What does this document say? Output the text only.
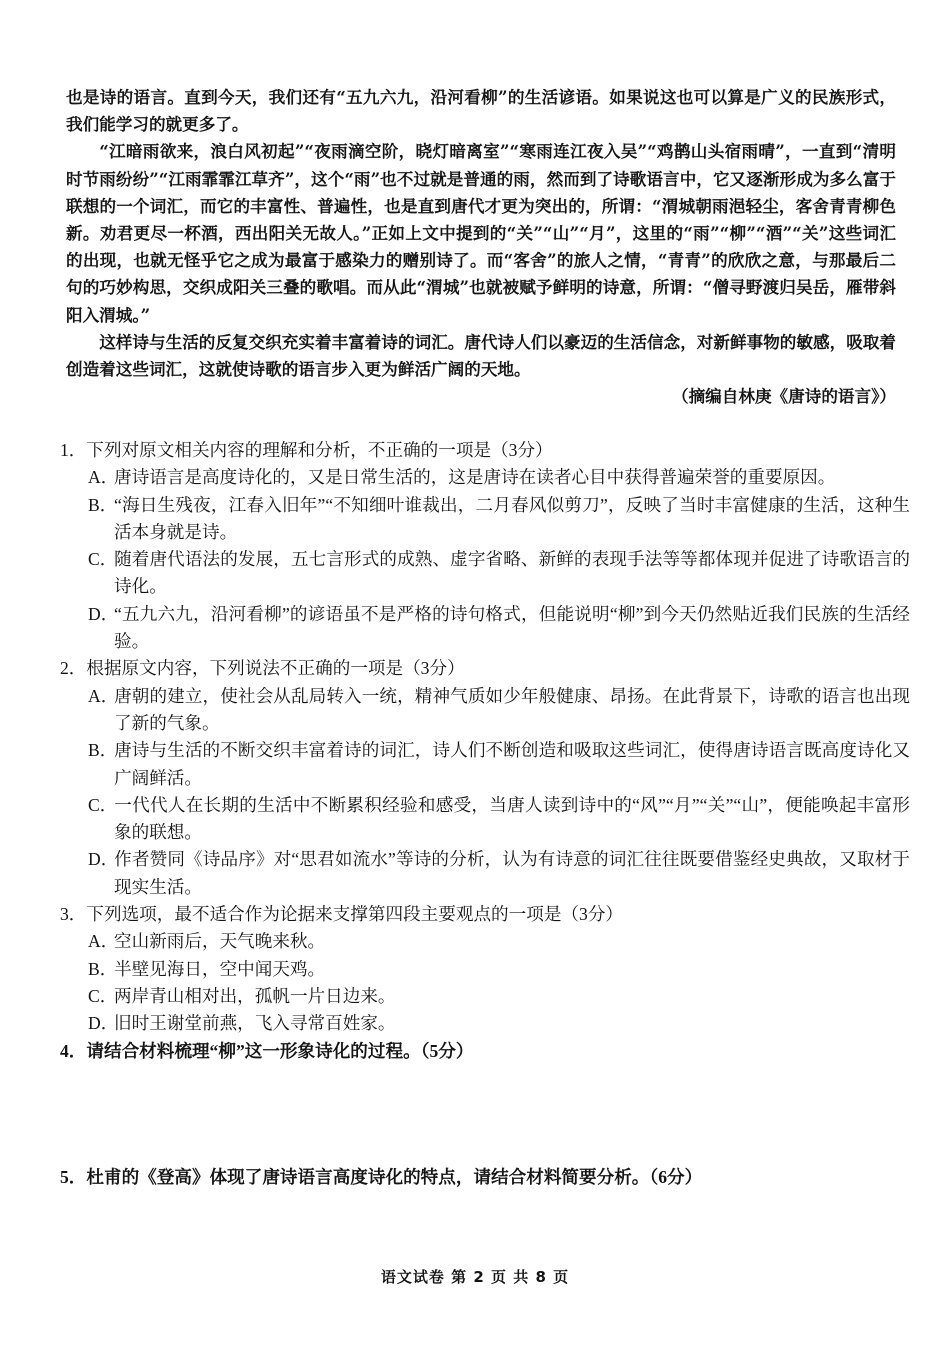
也是诗的语言。直到今天，我们还有“五九六九，沿河看柳”的生活谚语。如果说这也可以算是广义的民族形式，我们能学习的就更多了。

“江暗雨欲来，浪白风初起”“夜雨滴空阶，晓灯暗离室”“寒雨连江夜入吴”“鸡鹊山头宿雨晴”，一直到“清明时节雨纷纷”“江雨霏霏江草齐”，这个“雨”也不过就是普通的雨，然而到了诗歌语言中，它又逐渐形成为多么富于联想的一个词汇，而它的丰富性、普遍性，也是直到唐代才更为突出的，所谓：“渭城朝雨浥轻尘，客舍青青柳色新。劝君更尽一杯酒，西出阳关无故人。”正如上文中提到的“关”“山”“月”，这里的“雨”“柳”“酒”“关”这些词汇的出现，也就无怪乎它之成为最富于感染力的赠别诗了。而“客舍”的旅人之情，“青青”的欣欣之意，与那最后二句的巧妙构思，交织成阳关三叠的歌唱。而从此“渭城”也就被赋予鲜明的诗意，所谓：“僧寻野渡归吴岳，雁带斜阳入渭城。”

这样诗与生活的反复交织充实着丰富着诗的词汇。唐代诗人们以豪迈的生活信念，对新鲜事物的敏感，吸取着创造着这些词汇，这就使诗歌的语言步入更为鲜活广阔的天地。

（摘编自林庚《唐诗的语言》）

1．下列对原文相关内容的理解和分析，不正确的一项是（3分）

A．唐诗语言是高度诗化的，又是日常生活的，这是唐诗在读者心目中获得普遍荣誉的重要原因。

B．“海日生残夜，江春入旧年”“不知细叶谁裁出，二月春风似剪刀”，反映了当时丰富健康的生活，这种生活本身就是诗。

C．随着唐代语法的发展，五七言形式的成熟、虚字省略、新鲜的表现手法等等都体现并促进了诗歌语言的诗化。

D．“五九六九，沿河看柳”的谚语虽不是严格的诗句格式，但能说明“柳”到今天仍然贴近我们民族的生活经验。

2．根据原文内容，下列说法不正确的一项是（3分）

A．唐朝的建立，使社会从乱局转入一统，精神气质如少年般健康、昂扬。在此背景下，诗歌的语言也出现了新的气象。

B．唐诗与生活的不断交织丰富着诗的词汇，诗人们不断创造和吸取这些词汇，使得唐诗语言既高度诗化又广阔鲜活。

C．一代代人在长期的生活中不断累积经验和感受，当唐人读到诗中的“风”“月”“关”“山”，便能唤起丰富形象的联想。

D．作者赞同《诗品序》对“思君如流水”等诗的分析，认为有诗意的词汇往往既要借鉴经史典故，又取材于现实生活。

3．下列选项，最不适合作为论据来支撑第四段主要观点的一项是（3分）

A．空山新雨后，天气晚来秋。

B．半壁见海日，空中闻天鸡。

C．两岸青山相对出，孤帆一片日边来。

D．旧时王谢堂前燕，飞入寻常百姓家。

4．请结合材料梳理“柳”这一形象诗化的过程。（5分）

5．杜甫的《登高》体现了唐诗语言高度诗化的特点，请结合材料简要分析。（6分）

语文试卷 第 2 页 共 8 页
